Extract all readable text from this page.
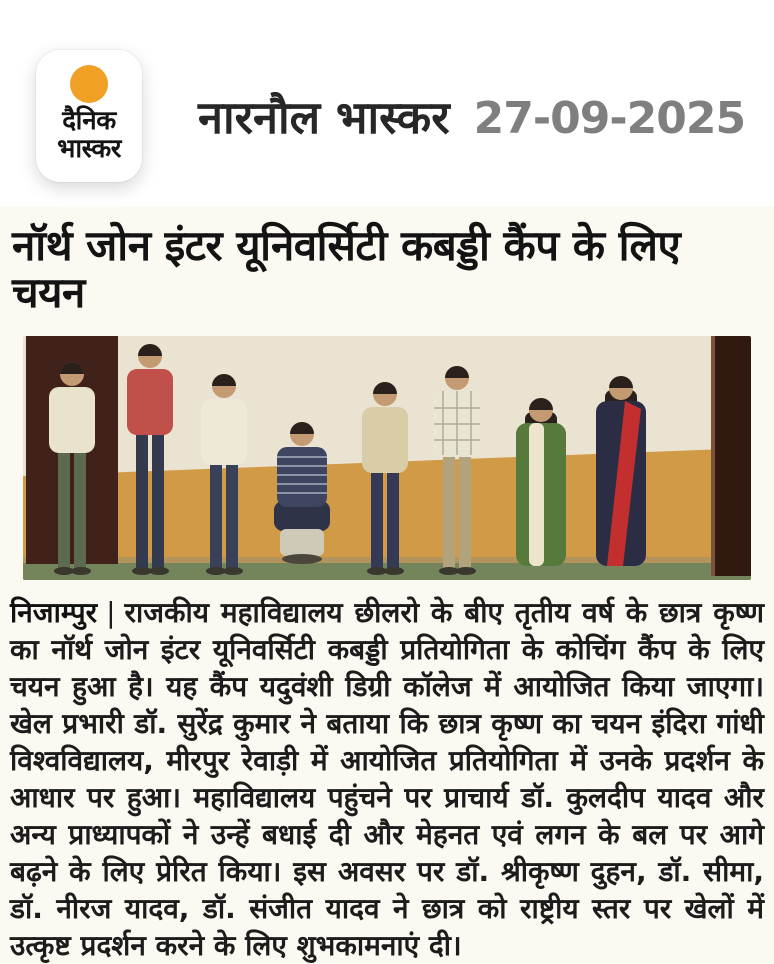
दैनिक
भास्कर
नारनौल भास्कर 27-09-2025
नॉर्थ जोन इंटर यूनिवर्सिटी कबड्डी कैंप के लिए चयन

निजाम्पुर | राजकीय महाविद्यालय छीलरो के बीए तृतीय वर्ष के छात्र कृष्ण का नॉर्थ जोन इंटर यूनिवर्सिटी कबड्डी प्रतियोगिता के कोचिंग कैंप के लिए चयन हुआ है। यह कैंप यदुवंशी डिग्री कॉलेज में आयोजित किया जाएगा। खेल प्रभारी डॉ. सुरेंद्र कुमार ने बताया कि छात्र कृष्ण का चयन इंदिरा गांधी विश्वविद्यालय, मीरपुर रेवाड़ी में आयोजित प्रतियोगिता में उनके प्रदर्शन के आधार पर हुआ। महाविद्यालय पहुंचने पर प्राचार्य डॉ. कुलदीप यादव और अन्य प्राध्यापकों ने उन्हें बधाई दी और मेहनत एवं लगन के बल पर आगे बढ़ने के लिए प्रेरित किया। इस अवसर पर डॉ. श्रीकृष्ण दुहन, डॉ. सीमा, डॉ. नीरज यादव, डॉ. संजीत यादव ने छात्र को राष्ट्रीय स्तर पर खेलों में उत्कृष्ट प्रदर्शन करने के लिए शुभकामनाएं दी।
